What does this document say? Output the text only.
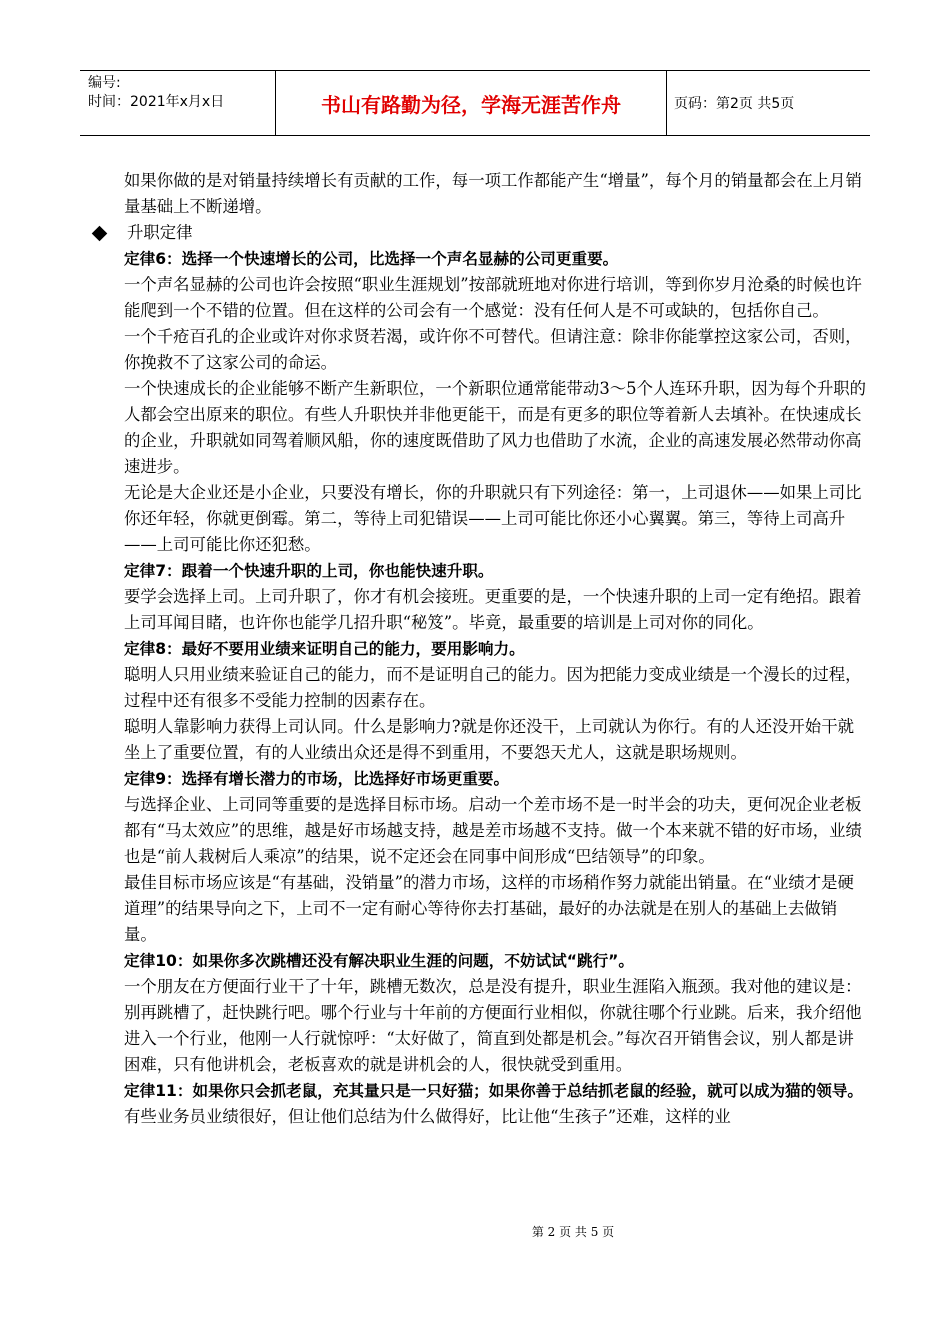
编号:
时间：2021年x月x日	书山有路勤为径，学海无涯苦作舟	页码：第2页 共5页

如果你做的是对销量持续增长有贡献的工作，每一项工作都能产生“增量”，每个月的销量都会在上月销量基础上不断递增。

升职定律

定律6：选择一个快速增长的公司，比选择一个声名显赫的公司更重要。

一个声名显赫的公司也许会按照“职业生涯规划”按部就班地对你进行培训，等到你岁月沧桑的时候也许能爬到一个不错的位置。但在这样的公司会有一个感觉：没有任何人是不可或缺的，包括你自己。

一个千疮百孔的企业或许对你求贤若渴，或许你不可替代。但请注意：除非你能掌控这家公司，否则，你挽救不了这家公司的命运。

一个快速成长的企业能够不断产生新职位，一个新职位通常能带动3～5个人连环升职，因为每个升职的人都会空出原来的职位。有些人升职快并非他更能干，而是有更多的职位等着新人去填补。在快速成长的企业，升职就如同驾着顺风船，你的速度既借助了风力也借助了水流，企业的高速发展必然带动你高速进步。

无论是大企业还是小企业，只要没有增长，你的升职就只有下列途径：第一，上司退休——如果上司比你还年轻，你就更倒霉。第二，等待上司犯错误——上司可能比你还小心翼翼。第三，等待上司高升——上司可能比你还犯愁。

定律7：跟着一个快速升职的上司，你也能快速升职。

要学会选择上司。上司升职了，你才有机会接班。更重要的是，一个快速升职的上司一定有绝招。跟着上司耳闻目睹，也许你也能学几招升职“秘笈”。毕竟，最重要的培训是上司对你的同化。

定律8：最好不要用业绩来证明自己的能力，要用影响力。

聪明人只用业绩来验证自己的能力，而不是证明自己的能力。因为把能力变成业绩是一个漫长的过程，过程中还有很多不受能力控制的因素存在。

聪明人靠影响力获得上司认同。什么是影响力?就是你还没干，上司就认为你行。有的人还没开始干就坐上了重要位置，有的人业绩出众还是得不到重用，不要怨天尤人，这就是职场规则。

定律9：选择有增长潜力的市场，比选择好市场更重要。

与选择企业、上司同等重要的是选择目标市场。启动一个差市场不是一时半会的功夫，更何况企业老板都有“马太效应”的思维，越是好市场越支持，越是差市场越不支持。做一个本来就不错的好市场，业绩也是“前人栽树后人乘凉”的结果，说不定还会在同事中间形成“巴结领导”的印象。

最佳目标市场应该是“有基础，没销量”的潜力市场，这样的市场稍作努力就能出销量。在“业绩才是硬道理”的结果导向之下，上司不一定有耐心等待你去打基础，最好的办法就是在别人的基础上去做销量。

定律10：如果你多次跳槽还没有解决职业生涯的问题，不妨试试“跳行”。

一个朋友在方便面行业干了十年，跳槽无数次，总是没有提升，职业生涯陷入瓶颈。我对他的建议是：别再跳槽了，赶快跳行吧。哪个行业与十年前的方便面行业相似，你就往哪个行业跳。后来，我介绍他进入一个行业，他刚一人行就惊呼：“太好做了，简直到处都是机会。”每次召开销售会议，别人都是讲困难，只有他讲机会，老板喜欢的就是讲机会的人，很快就受到重用。

定律11：如果你只会抓老鼠，充其量只是一只好猫；如果你善于总结抓老鼠的经验，就可以成为猫的领导。

有些业务员业绩很好，但让他们总结为什么做得好，比让他“生孩子”还难，这样的业

第 2 页 共 5 页
